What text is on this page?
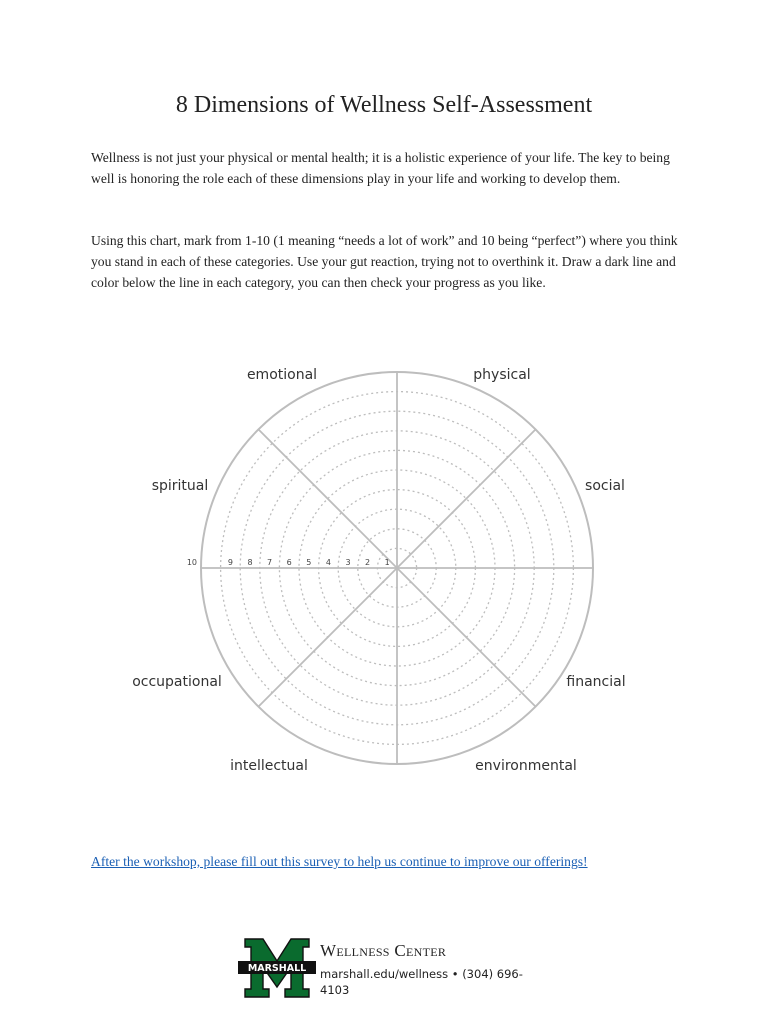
8 Dimensions of Wellness Self-Assessment

Wellness is not just your physical or mental health; it is a holistic experience of your life. The key to being well is honoring the role each of these dimensions play in your life and working to develop them.

Using this chart, mark from 1-10 (1 meaning “needs a lot of work” and 10 being “perfect”) where you think you stand in each of these categories. Use your gut reaction, trying not to overthink it. Draw a dark line and color below the line in each category, you can then check your progress as you like.

10	9 8 7 6 5 4 3 2 1
emotional	physical
spiritual	social
occupational	financial
intellectual	environmental
After the workshop, please fill out this survey to help us continue to improve our offerings!
MARSHALL
Wellness Center
marshall.edu/wellness • (304) 696-4103
